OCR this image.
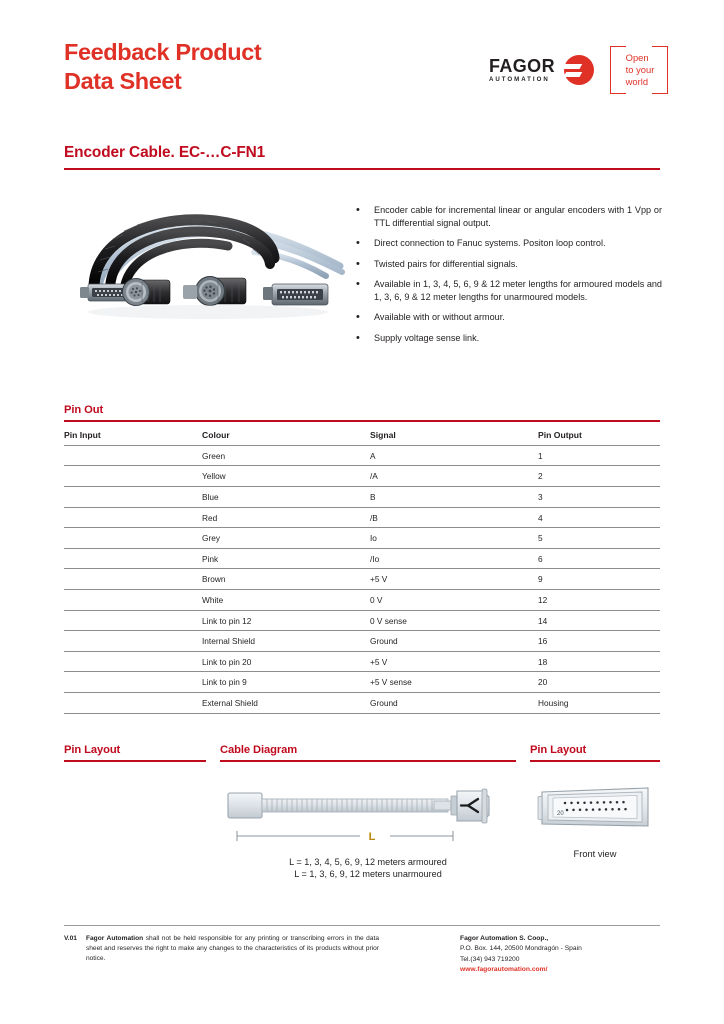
Feedback Product
Data Sheet
FAGOR
AUTOMATION
Open
to your
world
Encoder Cable. EC-…C-FN1
• Encoder cable for incremental linear or angular encoders with 1 Vpp or TTL differential signal output.
• Direct connection to Fanuc systems. Positon loop control.
• Twisted pairs for differential signals.
• Available in 1, 3, 4, 5, 6, 9 & 12 meter lengths for armoured models and 1, 3, 6, 9 & 12 meter lengths for unarmoured models.
• Available with or without armour.
• Supply voltage sense link.
Pin Out
Pin Input	Colour	Signal	Pin Output
	Green	A	1
	Yellow	/A	2
	Blue	B	3
	Red	/B	4
	Grey	Io	5
	Pink	/Io	6
	Brown	+5 V	9
	White	0 V	12
	Link to pin 12	0 V sense	14
	Internal Shield	Ground	16
	Link to pin 20	+5 V	18
	Link to pin 9	+5 V sense	20
	External Shield	Ground	Housing
Pin Layout	Cable Diagram
L
L = 1, 3, 4, 5, 6, 9, 12 meters armoured
L = 1, 3, 6, 9, 12 meters unarmoured
Pin Layout
20
Front view
V.01 Fagor Automation shall not be held responsible for any printing or transcribing errors in the data sheet and reserves the right to make any changes to the characteristics of its products without prior notice.

Fagor Automation S. Coop.,
P.O. Box. 144, 20500 Mondragón - Spain
Tel.(34) 943 719200
www.fagorautomation.com/
